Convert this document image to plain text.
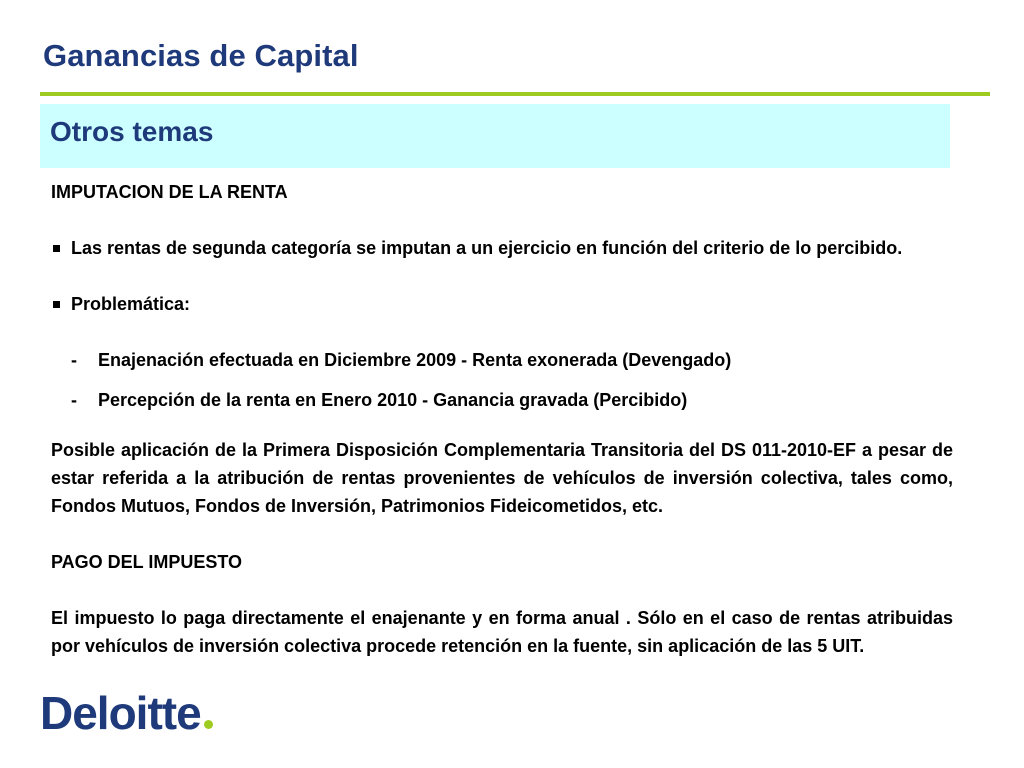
Ganancias de Capital
Otros temas

IMPUTACION DE LA RENTA

Las rentas de segunda categoría se imputan a un ejercicio en función del criterio de lo percibido.
Problemática:
- Enajenación efectuada en Diciembre 2009 - Renta exonerada (Devengado)
- Percepción de la renta en Enero 2010 - Ganancia gravada (Percibido)

Posible aplicación de la Primera Disposición Complementaria Transitoria del DS 011-2010-EF a pesar de estar referida a la atribución de rentas provenientes de vehículos de inversión colectiva, tales como, Fondos Mutuos, Fondos de Inversión, Patrimonios Fideicometidos, etc.

PAGO DEL IMPUESTO

El impuesto lo paga directamente el enajenante y en forma anual . Sólo en el caso de rentas atribuidas por vehículos de inversión colectiva procede retención en la fuente, sin aplicación de las 5 UIT.

Deloitte
